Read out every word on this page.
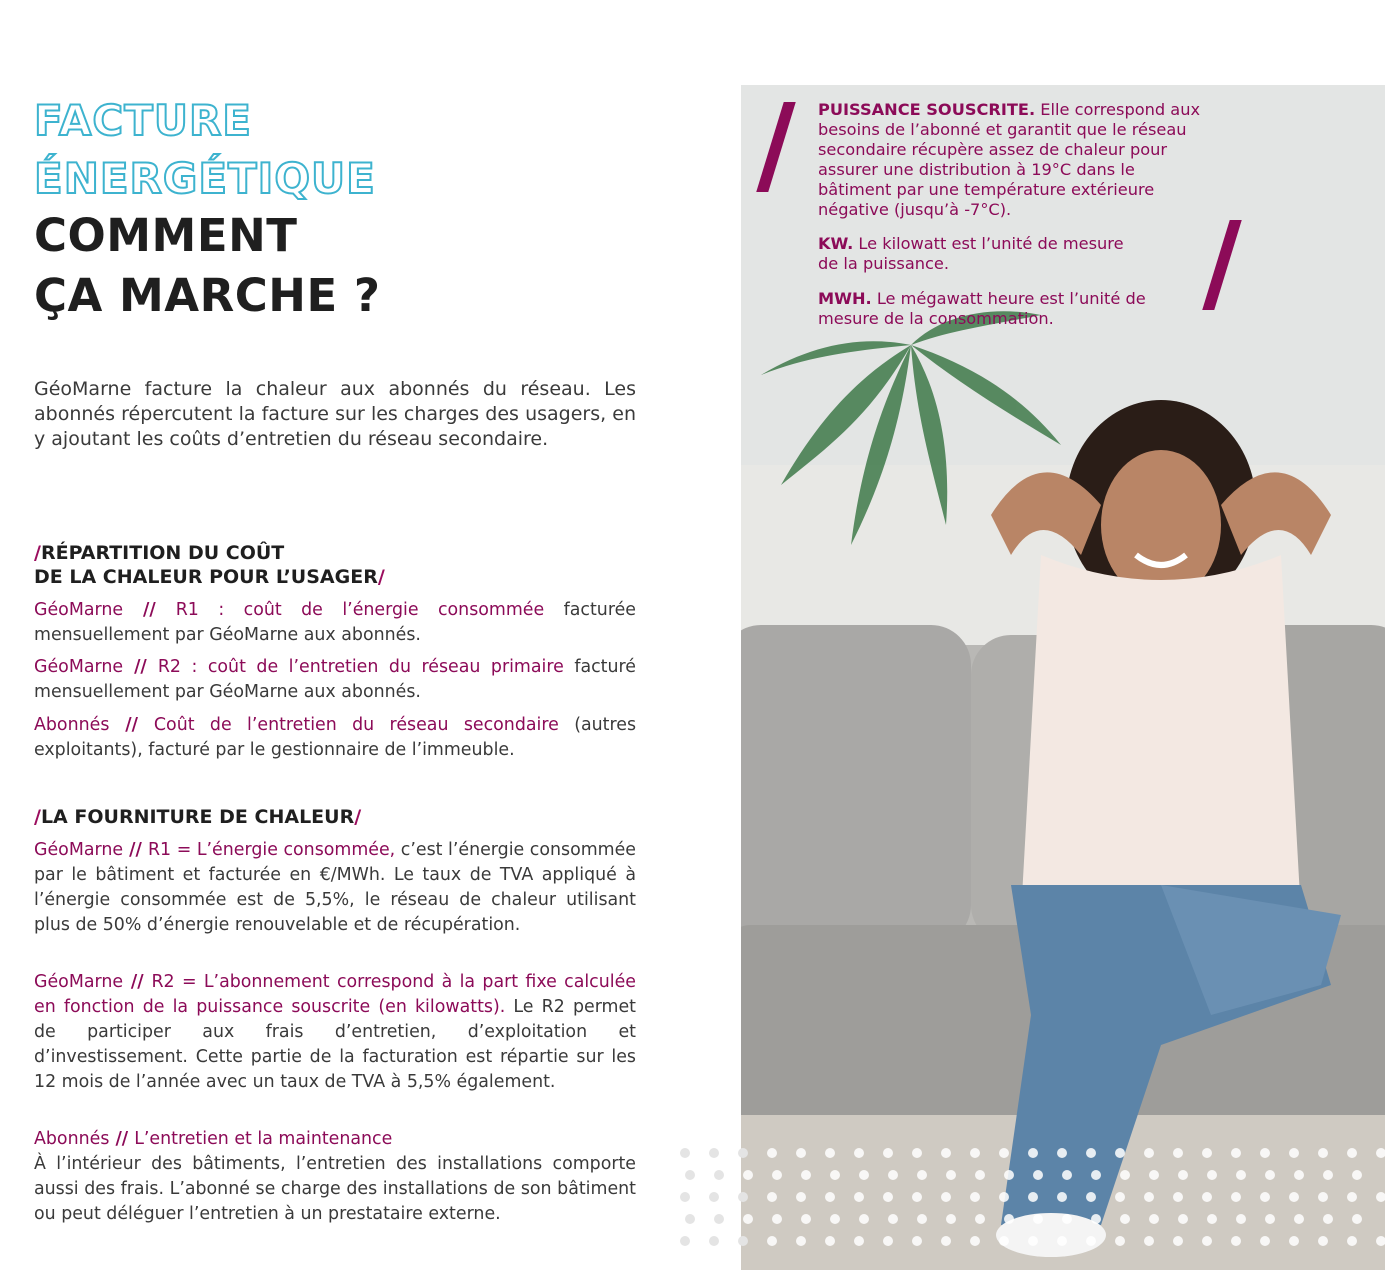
FACTURE
ÉNERGÉTIQUE
COMMENT
ÇA MARCHE ?
GéoMarne facture la chaleur aux abonnés du réseau. Les abonnés répercutent la facture sur les charges des usagers, en y ajoutant les coûts d’entretien du réseau secondaire.
/RÉPARTITION DU COÛT
DE LA CHALEUR POUR L’USAGER/
GéoMarne // R1 : coût de l’énergie consommée facturée mensuellement par GéoMarne aux abonnés.
GéoMarne // R2 : coût de l’entretien du réseau primaire facturé mensuellement par GéoMarne aux abonnés.
Abonnés // Coût de l’entretien du réseau secondaire (autres exploitants), facturé par le gestionnaire de l’immeuble.
/LA FOURNITURE DE CHALEUR/
GéoMarne // R1 = L’énergie consommée, c’est l’énergie consommée par le bâtiment et facturée en €/MWh. Le taux de TVA appliqué à l’énergie consommée est de 5,5%, le réseau de chaleur utilisant plus de 50% d’énergie renouvelable et de récupération.
GéoMarne // R2 = L’abonnement correspond à la part fixe calculée en fonction de la puissance souscrite (en kilowatts). Le R2 permet de participer aux frais d’entretien, d’exploitation et d’investissement. Cette partie de la facturation est répartie sur les 12 mois de l’année avec un taux de TVA à 5,5% également.
Abonnés // L’entretien et la maintenance
À l’intérieur des bâtiments, l’entretien des installations comporte aussi des frais. L’abonné se charge des installations de son bâtiment ou peut déléguer l’entretien à un prestataire externe.
PUISSANCE SOUSCRITE. Elle correspond aux besoins de l’abonné et garantit que le réseau secondaire récupère assez de chaleur pour assurer une distribution à 19°C dans le bâtiment par une température extérieure négative (jusqu’à -7°C).
KW. Le kilowatt est l’unité de mesure de la puissance.
MWH. Le mégawatt heure est l’unité de mesure de la consommation.
